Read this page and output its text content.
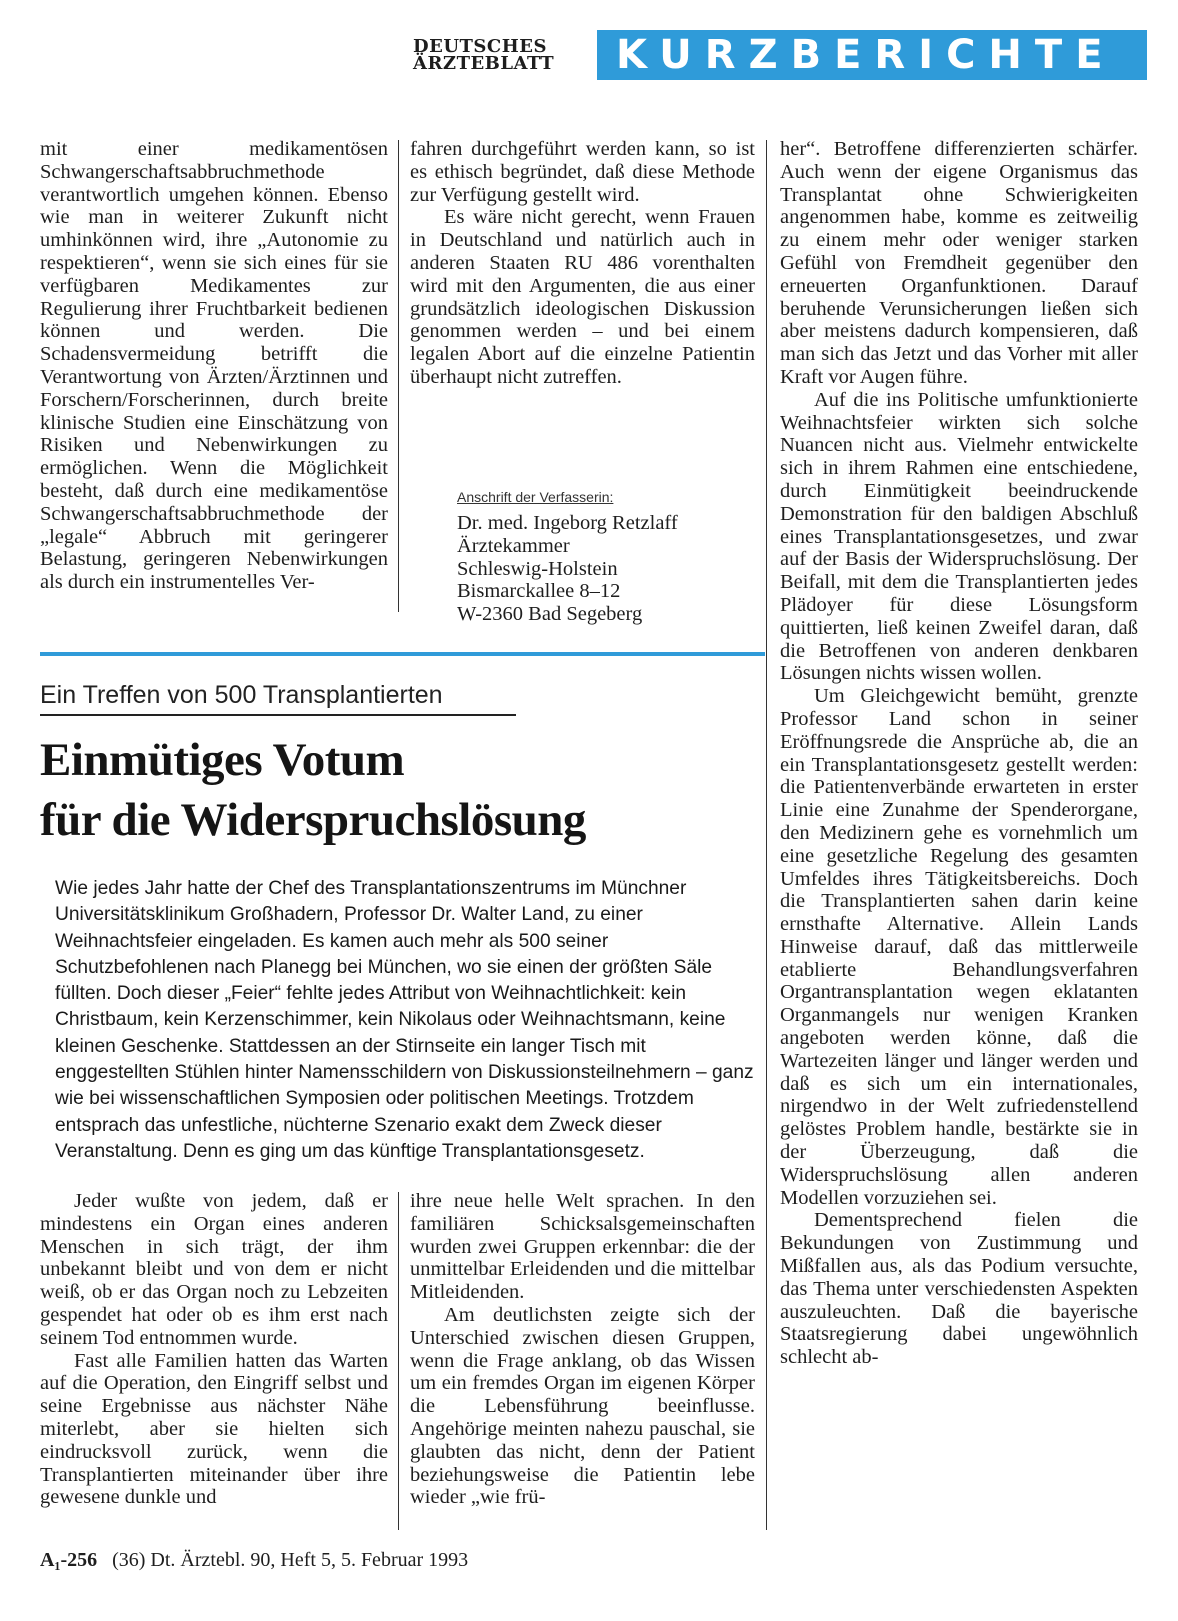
DEUTSCHES
ÄRZTEBLATT KURZBERICHTE

mit einer medikamentösen Schwangerschaftsabbruchmethode verantwortlich umgehen können. Ebenso wie man in weiterer Zukunft nicht umhinkönnen wird, ihre „Autonomie zu respektieren“, wenn sie sich eines für sie verfügbaren Medikamentes zur Regulierung ihrer Fruchtbarkeit bedienen können und werden. Die Schadensvermeidung betrifft die Verantwortung von Ärzten/Ärztinnen und Forschern/Forscherinnen, durch breite klinische Studien eine Einschätzung von Risiken und Nebenwirkungen zu ermöglichen. Wenn die Möglichkeit besteht, daß durch eine medikamentöse Schwangerschaftsabbruchmethode der „legale“ Abbruch mit geringerer Belastung, geringeren Nebenwirkungen als durch ein instrumentelles Ver-

fahren durchgeführt werden kann, so ist es ethisch begründet, daß diese Methode zur Verfügung gestellt wird.

Es wäre nicht gerecht, wenn Frauen in Deutschland und natürlich auch in anderen Staaten RU 486 vorenthalten wird mit den Argumenten, die aus einer grundsätzlich ideologischen Diskussion genommen werden – und bei einem legalen Abort auf die einzelne Patientin überhaupt nicht zutreffen.

Anschrift der Verfasserin:
Dr. med. Ingeborg Retzlaff
Ärztekammer
Schleswig-Holstein
Bismarckallee 8–12
W-2360 Bad Segeberg
Ein Treffen von 500 Transplantierten
Einmütiges Votum
für die Widerspruchslösung
Wie jedes Jahr hatte der Chef des Transplantationszentrums im Münchner Universitätsklinikum Großhadern, Professor Dr. Walter Land, zu einer Weihnachtsfeier eingeladen. Es kamen auch mehr als 500 seiner Schutzbefohlenen nach Planegg bei München, wo sie einen der größten Säle füllten. Doch dieser „Feier“ fehlte jedes Attribut von Weihnachtlichkeit: kein Christbaum, kein Kerzenschimmer, kein Nikolaus oder Weihnachtsmann, keine kleinen Geschenke. Stattdessen an der Stirnseite ein langer Tisch mit enggestellten Stühlen hinter Namensschildern von Diskussionsteilnehmern – ganz wie bei wissenschaftlichen Symposien oder politischen Meetings. Trotzdem entsprach das unfestliche, nüchterne Szenario exakt dem Zweck dieser Veranstaltung. Denn es ging um das künftige Transplantationsgesetz.

Jeder wußte von jedem, daß er mindestens ein Organ eines anderen Menschen in sich trägt, der ihm unbekannt bleibt und von dem er nicht weiß, ob er das Organ noch zu Lebzeiten gespendet hat oder ob es ihm erst nach seinem Tod entnommen wurde.

Fast alle Familien hatten das Warten auf die Operation, den Eingriff selbst und seine Ergebnisse aus nächster Nähe miterlebt, aber sie hielten sich eindrucksvoll zurück, wenn die Transplantierten miteinander über ihre gewesene dunkle und

ihre neue helle Welt sprachen. In den familiären Schicksalsgemeinschaften wurden zwei Gruppen erkennbar: die der unmittelbar Erleidenden und die mittelbar Mitleidenden.

Am deutlichsten zeigte sich der Unterschied zwischen diesen Gruppen, wenn die Frage anklang, ob das Wissen um ein fremdes Organ im eigenen Körper die Lebensführung beeinflusse. Angehörige meinten nahezu pauschal, sie glaubten das nicht, denn der Patient beziehungsweise die Patientin lebe wieder „wie frü-

her“. Betroffene differenzierten schärfer. Auch wenn der eigene Organismus das Transplantat ohne Schwierigkeiten angenommen habe, komme es zeitweilig zu einem mehr oder weniger starken Gefühl von Fremdheit gegenüber den erneuerten Organfunktionen. Darauf beruhende Verunsicherungen ließen sich aber meistens dadurch kompensieren, daß man sich das Jetzt und das Vorher mit aller Kraft vor Augen führe.

Auf die ins Politische umfunktionierte Weihnachtsfeier wirkten sich solche Nuancen nicht aus. Vielmehr entwickelte sich in ihrem Rahmen eine entschiedene, durch Einmütigkeit beeindruckende Demonstration für den baldigen Abschluß eines Transplantationsgesetzes, und zwar auf der Basis der Widerspruchslösung. Der Beifall, mit dem die Transplantierten jedes Plädoyer für diese Lösungsform quittierten, ließ keinen Zweifel daran, daß die Betroffenen von anderen denkbaren Lösungen nichts wissen wollen.

Um Gleichgewicht bemüht, grenzte Professor Land schon in seiner Eröffnungsrede die Ansprüche ab, die an ein Transplantationsgesetz gestellt werden: die Patientenverbände erwarteten in erster Linie eine Zunahme der Spenderorgane, den Medizinern gehe es vornehmlich um eine gesetzliche Regelung des gesamten Umfeldes ihres Tätigkeitsbereichs. Doch die Transplantierten sahen darin keine ernsthafte Alternative. Allein Lands Hinweise darauf, daß das mittlerweile etablierte Behandlungsverfahren Organtransplantation wegen eklatanten Organmangels nur wenigen Kranken angeboten werden könne, daß die Wartezeiten länger und länger werden und daß es sich um ein internationales, nirgendwo in der Welt zufriedenstellend gelöstes Problem handle, bestärkte sie in der Überzeugung, daß die Widerspruchslösung allen anderen Modellen vorzuziehen sei.

Dementsprechend fielen die Bekundungen von Zustimmung und Mißfallen aus, als das Podium versuchte, das Thema unter verschiedensten Aspekten auszuleuchten. Daß die bayerische Staatsregierung dabei ungewöhnlich schlecht ab-

A₁-256 (36) Dt. Ärztebl. 90, Heft 5, 5. Februar 1993
